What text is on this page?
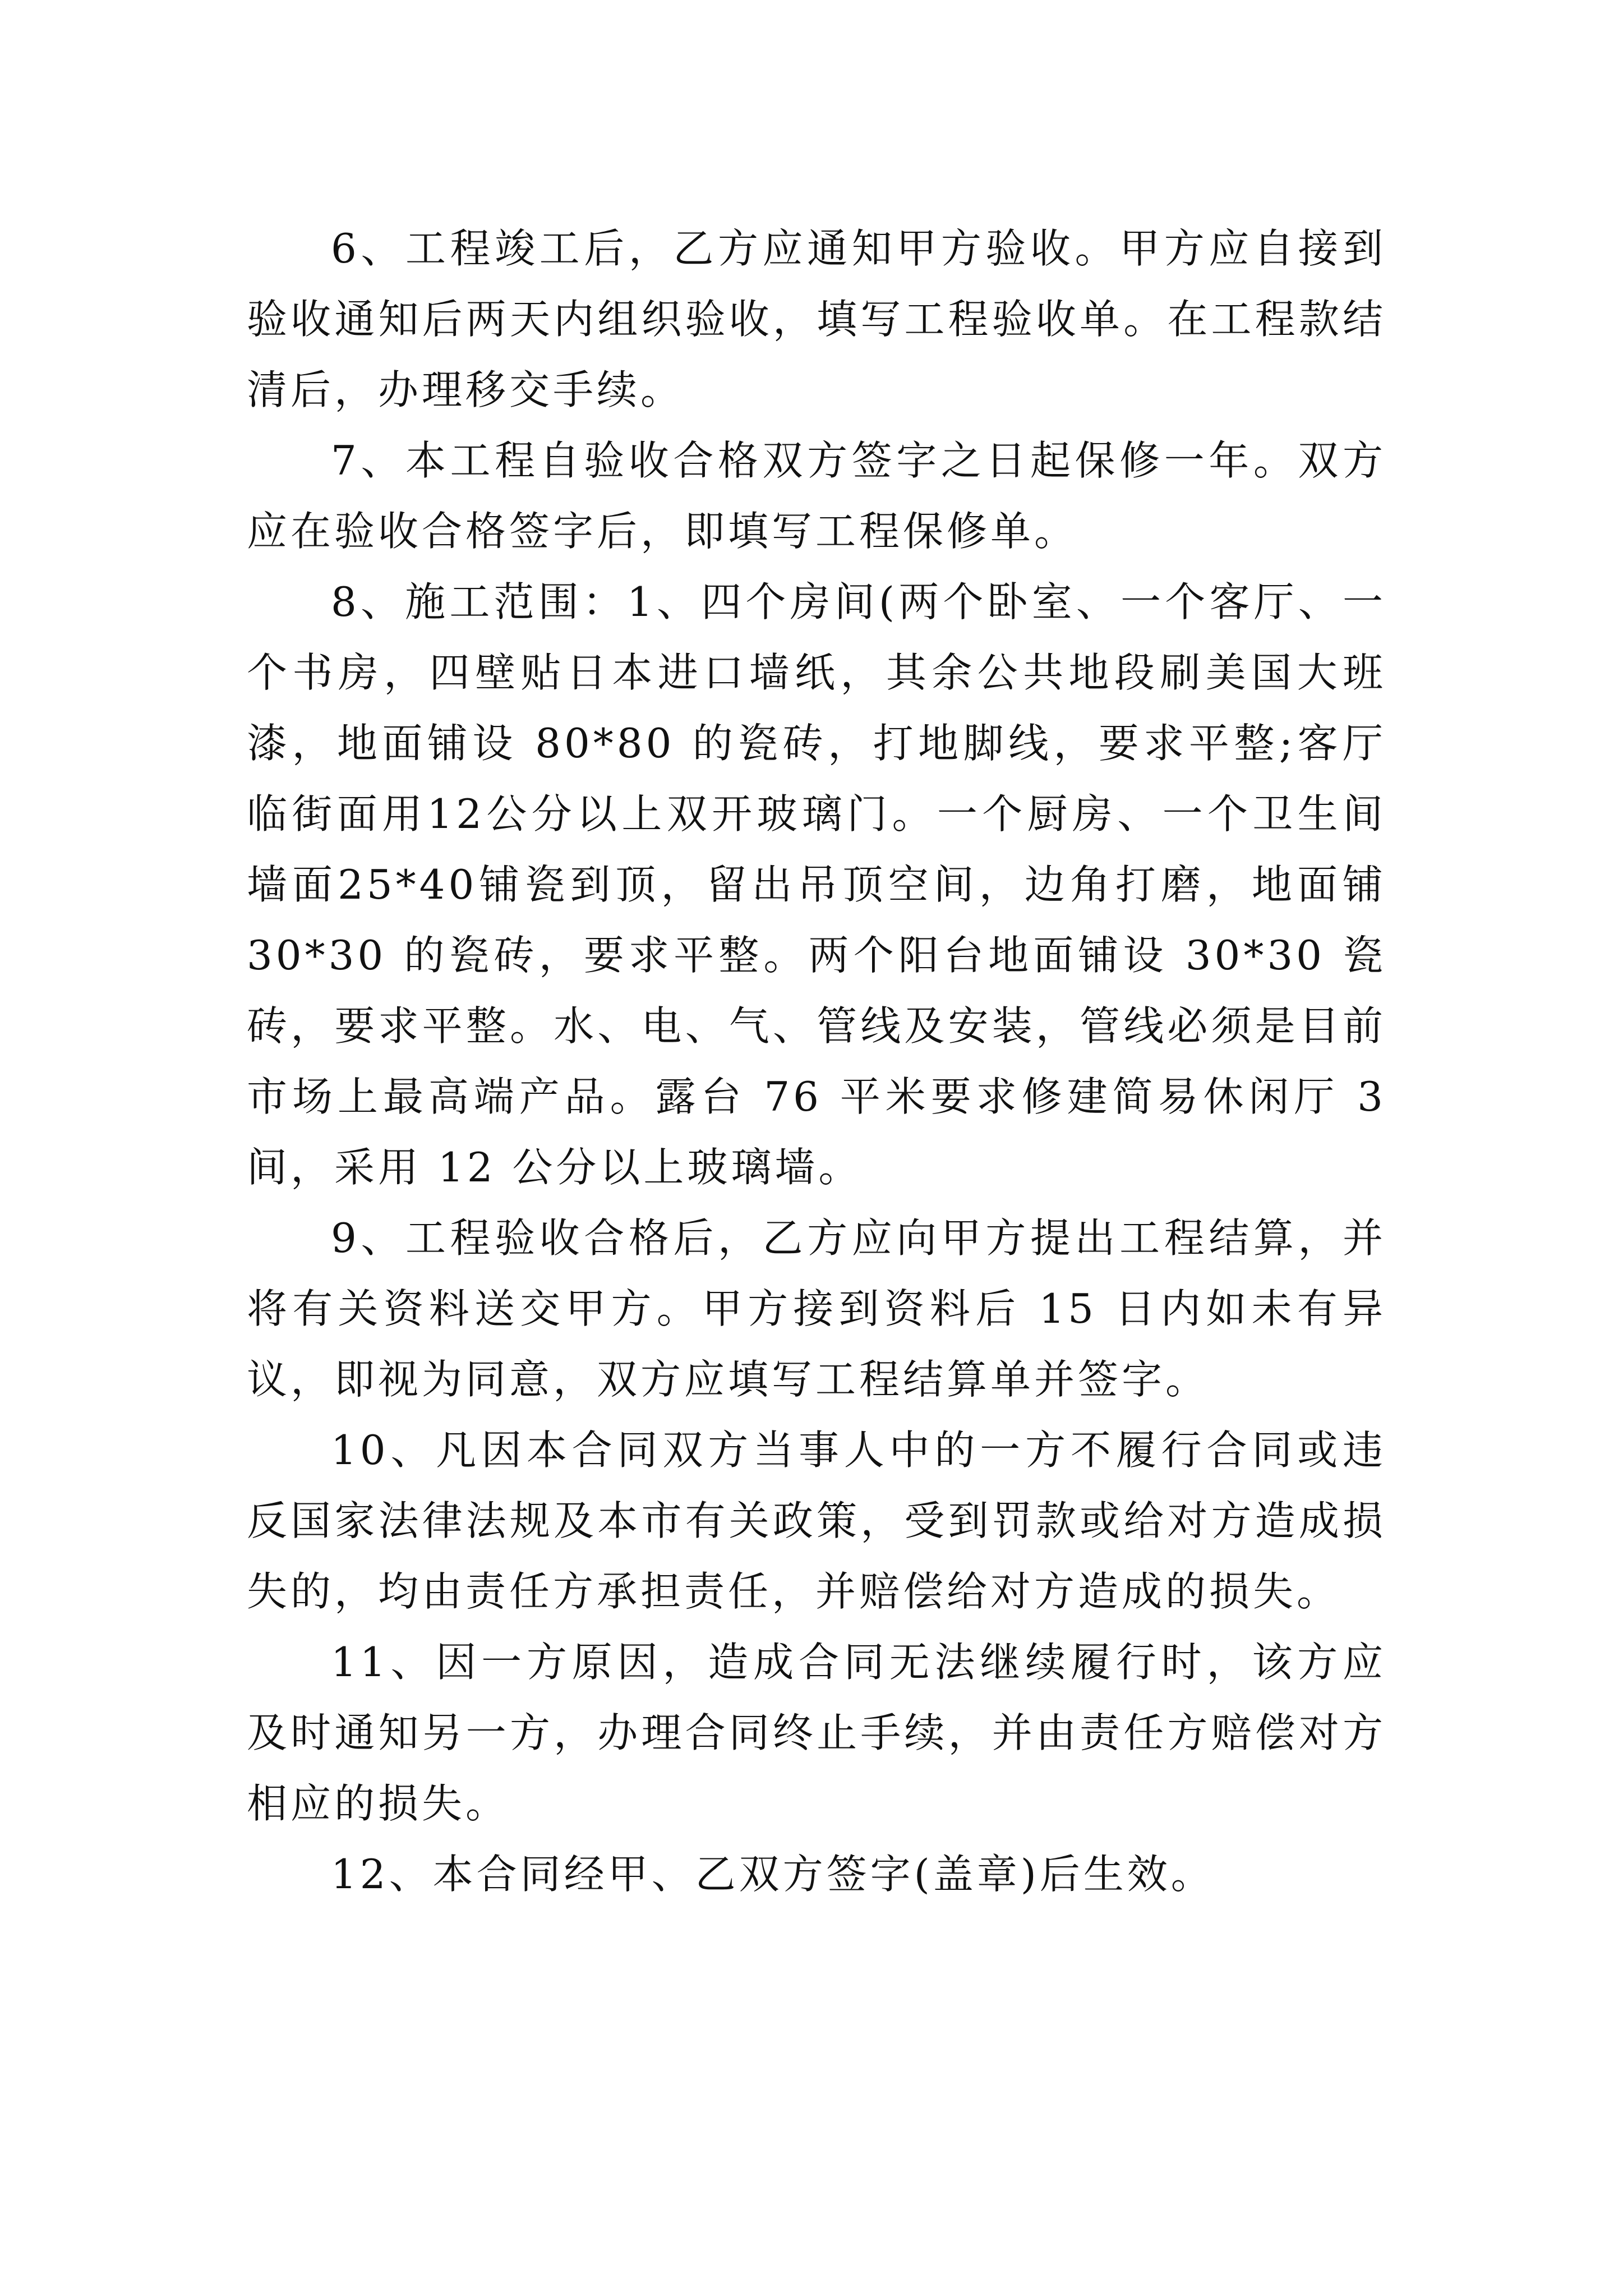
6、工程竣工后，乙方应通知甲方验收。甲方应自接到验收通知后两天内组织验收，填写工程验收单。在工程款结清后，办理移交手续。

7、本工程自验收合格双方签字之日起保修一年。双方应在验收合格签字后，即填写工程保修单。

8、施工范围：1、四个房间(两个卧室、一个客厅、一个书房，四壁贴日本进口墙纸，其余公共地段刷美国大班漆，地面铺设 80*80 的瓷砖，打地脚线，要求平整;客厅临街面用12公分以上双开玻璃门。一个厨房、一个卫生间墙面25*40铺瓷到顶，留出吊顶空间，边角打磨，地面铺 30*30 的瓷砖，要求平整。两个阳台地面铺设 30*30 瓷砖，要求平整。水、电、气、管线及安装，管线必须是目前市场上最高端产品。露台 76 平米要求修建简易休闲厅 3 间，采用 12 公分以上玻璃墙。

9、工程验收合格后，乙方应向甲方提出工程结算，并将有关资料送交甲方。甲方接到资料后 15 日内如未有异议，即视为同意，双方应填写工程结算单并签字。

10、凡因本合同双方当事人中的一方不履行合同或违反国家法律法规及本市有关政策，受到罚款或给对方造成损失的，均由责任方承担责任，并赔偿给对方造成的损失。

11、因一方原因，造成合同无法继续履行时，该方应及时通知另一方，办理合同终止手续，并由责任方赔偿对方相应的损失。

12、本合同经甲、乙双方签字(盖章)后生效。
